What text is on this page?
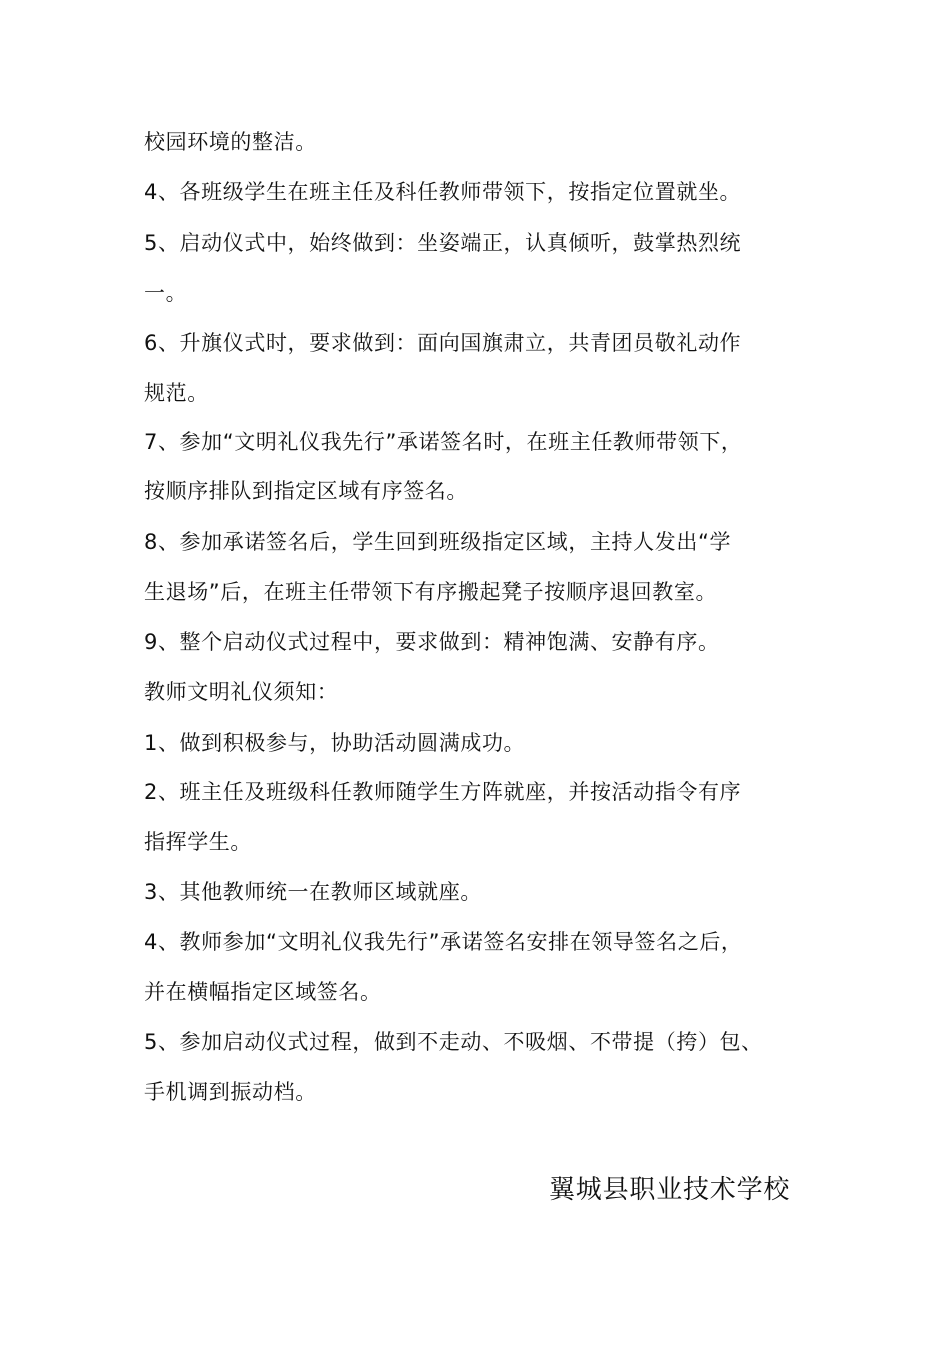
校园环境的整洁。
4、各班级学生在班主任及科任教师带领下，按指定位置就坐。
5、启动仪式中，始终做到：坐姿端正，认真倾听，鼓掌热烈统
一。
6、升旗仪式时，要求做到：面向国旗肃立，共青团员敬礼动作
规范。
7、参加“文明礼仪我先行”承诺签名时，在班主任教师带领下，
按顺序排队到指定区域有序签名。
8、参加承诺签名后，学生回到班级指定区域，主持人发出“学
生退场”后，在班主任带领下有序搬起凳子按顺序退回教室。
9、整个启动仪式过程中，要求做到：精神饱满、安静有序。
教师文明礼仪须知：
1、做到积极参与，协助活动圆满成功。
2、班主任及班级科任教师随学生方阵就座，并按活动指令有序
指挥学生。
3、其他教师统一在教师区域就座。
4、教师参加“文明礼仪我先行”承诺签名安排在领导签名之后，
并在横幅指定区域签名。
5、参加启动仪式过程，做到不走动、不吸烟、不带提（挎）包、
手机调到振动档。
翼城县职业技术学校
